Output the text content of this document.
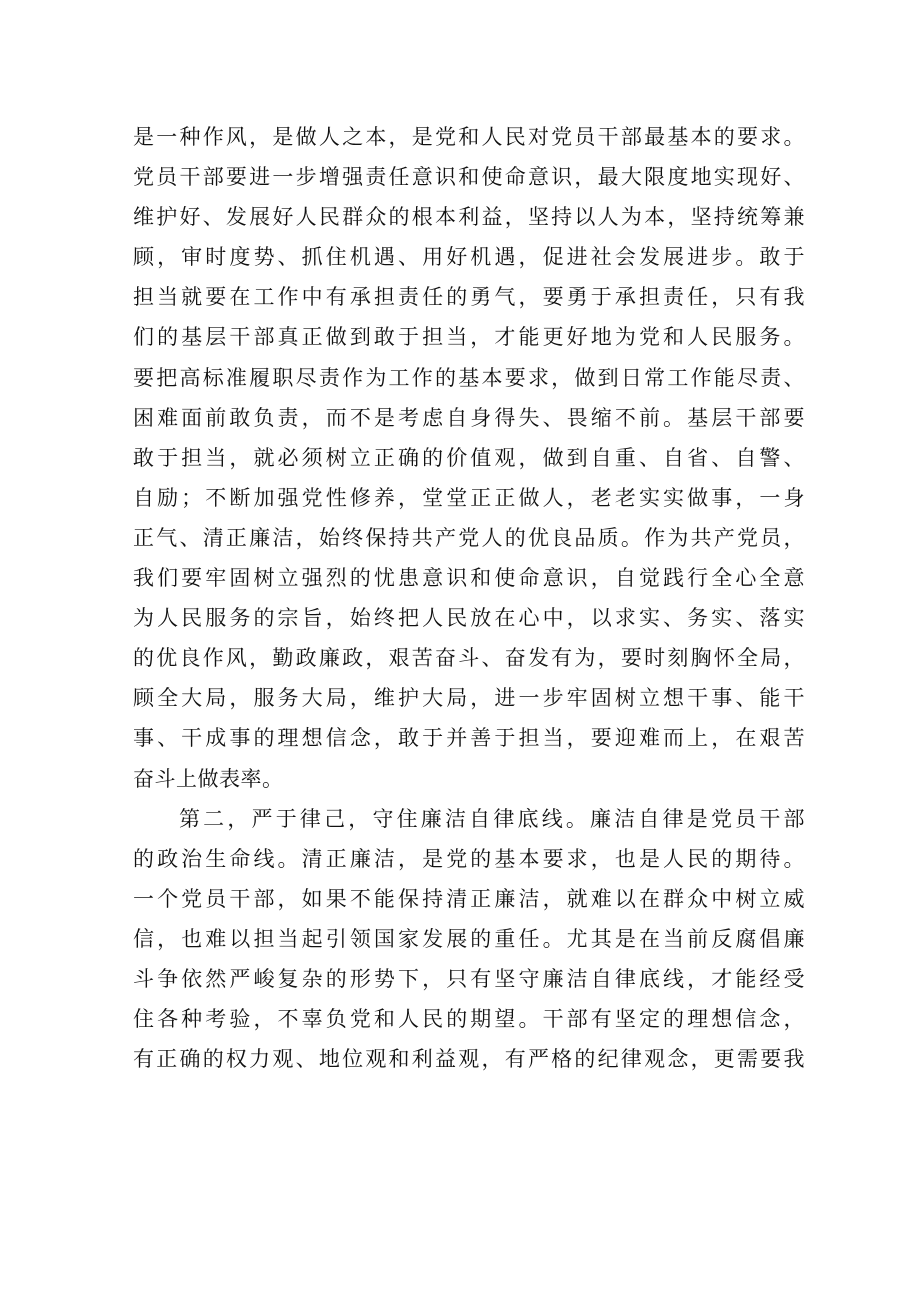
是一种作风，是做人之本，是党和人民对党员干部最基本的要求。
党员干部要进一步增强责任意识和使命意识，最大限度地实现好、
维护好、发展好人民群众的根本利益，坚持以人为本，坚持统筹兼
顾，审时度势、抓住机遇、用好机遇，促进社会发展进步。敢于
担当就要在工作中有承担责任的勇气，要勇于承担责任，只有我
们的基层干部真正做到敢于担当，才能更好地为党和人民服务。
要把高标准履职尽责作为工作的基本要求，做到日常工作能尽责、
困难面前敢负责，而不是考虑自身得失、畏缩不前。基层干部要
敢于担当，就必须树立正确的价值观，做到自重、自省、自警、
自励；不断加强党性修养，堂堂正正做人，老老实实做事，一身
正气、清正廉洁，始终保持共产党人的优良品质。作为共产党员，
我们要牢固树立强烈的忧患意识和使命意识，自觉践行全心全意
为人民服务的宗旨，始终把人民放在心中，以求实、务实、落实
的优良作风，勤政廉政，艰苦奋斗、奋发有为，要时刻胸怀全局，
顾全大局，服务大局，维护大局，进一步牢固树立想干事、能干
事、干成事的理想信念，敢于并善于担当，要迎难而上，在艰苦
奋斗上做表率。
第二，严于律己，守住廉洁自律底线。廉洁自律是党员干部
的政治生命线。清正廉洁，是党的基本要求，也是人民的期待。
一个党员干部，如果不能保持清正廉洁，就难以在群众中树立威
信，也难以担当起引领国家发展的重任。尤其是在当前反腐倡廉
斗争依然严峻复杂的形势下，只有坚守廉洁自律底线，才能经受
住各种考验，不辜负党和人民的期望。干部有坚定的理想信念，
有正确的权力观、地位观和利益观，有严格的纪律观念，更需要我
